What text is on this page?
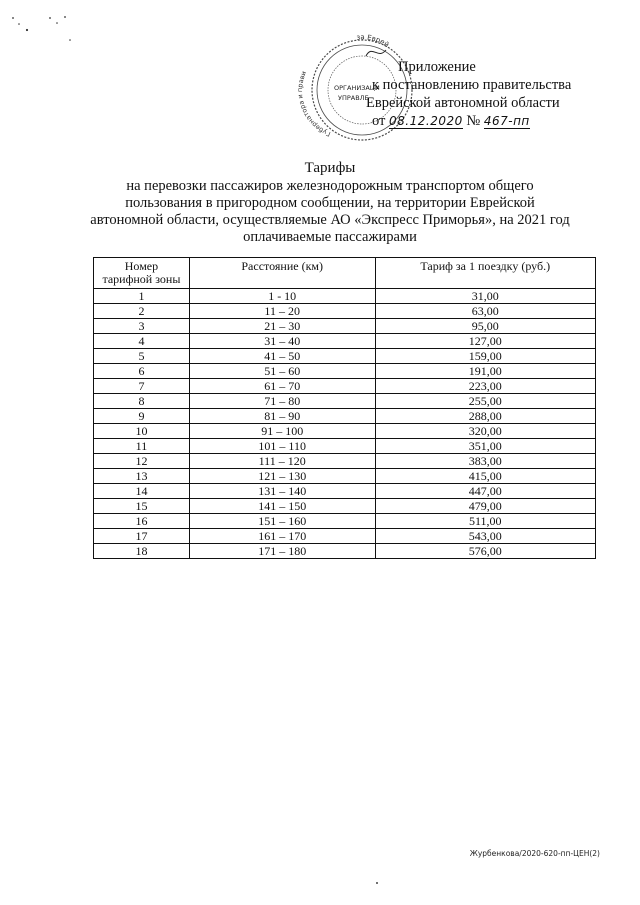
за Еврей
Губернатора и прави
ОРГАНИЗАЦИ
УПРАВЛЕ
Приложение
к постановлению правительства
Еврейской автономной области
от 08.12.2020 № 467-пп
Тарифы
на перевозки пассажиров железнодорожным транспортом общего
пользования в пригородном сообщении, на территории Еврейской
автономной области, осуществляемые АО «Экспресс Приморья», на 2021 год
оплачиваемые пассажирами
Номер
тарифной зоны	Расстояние (км)	Тариф за 1 поездку (руб.)
1	1 - 10	31,00
2	11 – 20	63,00
3	21 – 30	95,00
4	31 – 40	127,00
5	41 – 50	159,00
6	51 – 60	191,00
7	61 – 70	223,00
8	71 – 80	255,00
9	81 – 90	288,00
10	91 – 100	320,00
11	101 – 110	351,00
12	111 – 120	383,00
13	121 – 130	415,00
14	131 – 140	447,00
15	141 – 150	479,00
16	151 – 160	511,00
17	161 – 170	543,00
18	171 – 180	576,00
Журбенкова/2020-620-пп-ЦЕН(2)
